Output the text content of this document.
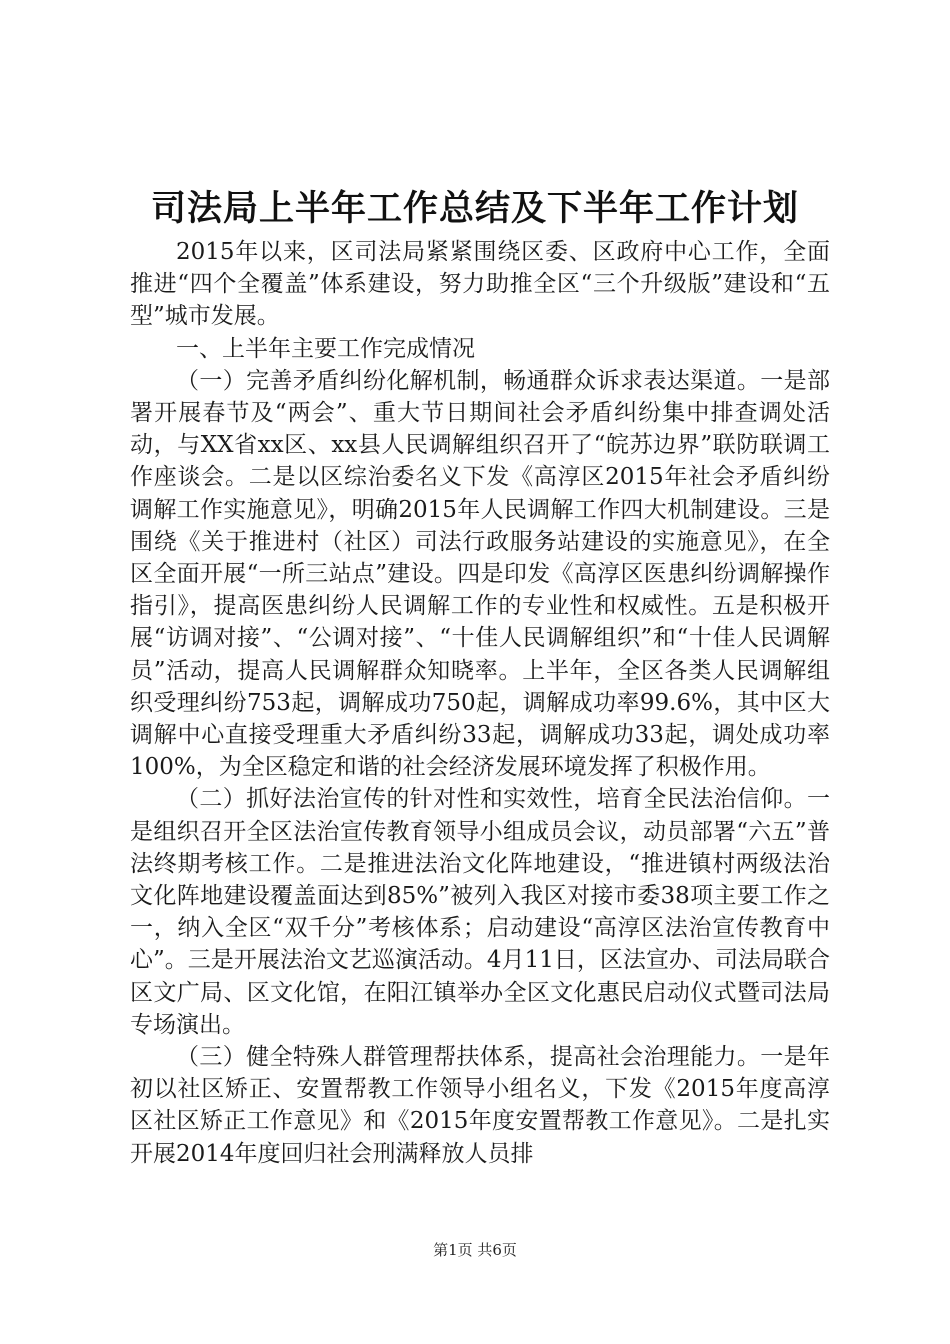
司法局上半年工作总结及下半年工作计划

2015年以来，区司法局紧紧围绕区委、区政府中心工作，全面推进“四个全覆盖”体系建设，努力助推全区“三个升级版”建设和“五型”城市发展。

一、上半年主要工作完成情况

（一）完善矛盾纠纷化解机制，畅通群众诉求表达渠道。一是部署开展春节及“两会”、重大节日期间社会矛盾纠纷集中排查调处活动，与XX省xx区、xx县人民调解组织召开了“皖苏边界”联防联调工作座谈会。二是以区综治委名义下发《高淳区2015年社会矛盾纠纷调解工作实施意见》，明确2015年人民调解工作四大机制建设。三是围绕《关于推进村（社区）司法行政服务站建设的实施意见》，在全区全面开展“一所三站点”建设。四是印发《高淳区医患纠纷调解操作指引》，提高医患纠纷人民调解工作的专业性和权威性。五是积极开展“访调对接”、“公调对接”、“十佳人民调解组织”和“十佳人民调解员”活动，提高人民调解群众知晓率。上半年，全区各类人民调解组织受理纠纷753起，调解成功750起，调解成功率99.6%，其中区大调解中心直接受理重大矛盾纠纷33起，调解成功33起，调处成功率100%，为全区稳定和谐的社会经济发展环境发挥了积极作用。

（二）抓好法治宣传的针对性和实效性，培育全民法治信仰。一是组织召开全区法治宣传教育领导小组成员会议，动员部署“六五”普法终期考核工作。二是推进法治文化阵地建设，“推进镇村两级法治文化阵地建设覆盖面达到85%”被列入我区对接市委38项主要工作之一，纳入全区“双千分”考核体系；启动建设“高淳区法治宣传教育中心”。三是开展法治文艺巡演活动。4月11日，区法宣办、司法局联合区文广局、区文化馆，在阳江镇举办全区文化惠民启动仪式暨司法局专场演出。

（三）健全特殊人群管理帮扶体系，提高社会治理能力。一是年初以社区矫正、安置帮教工作领导小组名义，下发《2015年度高淳区社区矫正工作意见》和《2015年度安置帮教工作意见》。二是扎实开展2014年度回归社会刑满释放人员排

第1页 共6页
